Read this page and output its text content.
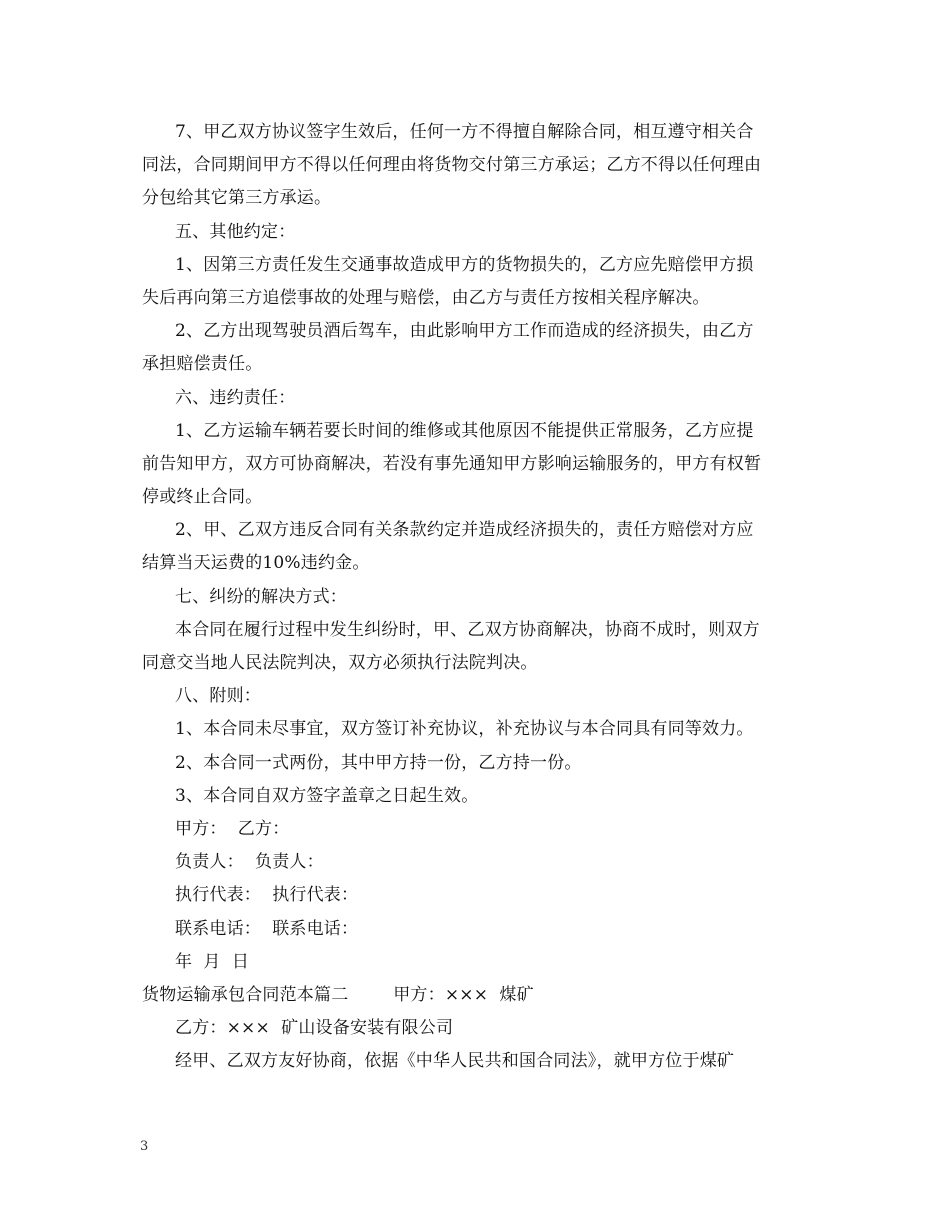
7、甲乙双方协议签字生效后，任何一方不得擅自解除合同，相互遵守相关合
同法，合同期间甲方不得以任何理由将货物交付第三方承运；乙方不得以任何理由
分包给其它第三方承运。
五、其他约定：
1、因第三方责任发生交通事故造成甲方的货物损失的，乙方应先赔偿甲方损
失后再向第三方追偿事故的处理与赔偿，由乙方与责任方按相关程序解决。
2、乙方出现驾驶员酒后驾车，由此影响甲方工作而造成的经济损失，由乙方
承担赔偿责任。
六、违约责任：
1、乙方运输车辆若要长时间的维修或其他原因不能提供正常服务，乙方应提
前告知甲方，双方可协商解决，若没有事先通知甲方影响运输服务的，甲方有权暂
停或终止合同。
2、甲、乙双方违反合同有关条款约定并造成经济损失的，责任方赔偿对方应
结算当天运费的10%违约金。
七、纠纷的解决方式：
本合同在履行过程中发生纠纷时，甲、乙双方协商解决，协商不成时，则双方
同意交当地人民法院判决，双方必须执行法院判决。
八、附则：
1、本合同未尽事宜，双方签订补充协议，补充协议与本合同具有同等效力。
2、本合同一式两份，其中甲方持一份，乙方持一份。
3、本合同自双方签字盖章之日起生效。
甲方：  乙方：
负责人：  负责人：
执行代表：  执行代表：
联系电话：  联系电话：
年  月  日
货物运输承包合同范本篇二        甲方：×××  煤矿
乙方：×××  矿山设备安装有限公司
经甲、乙双方友好协商，依据《中华人民共和国合同法》，就甲方位于煤矿
3
